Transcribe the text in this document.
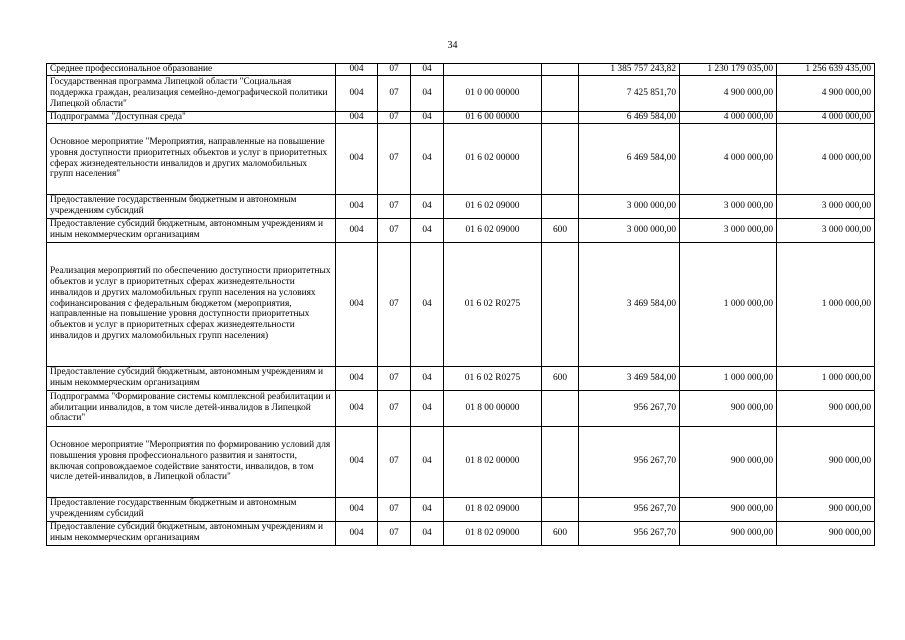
34
Среднее профессиональное образование	004	07	04			1 385 757 243,82	1 230 179 035,00	1 256 639 435,00
Государственная программа Липецкой области "Социальная поддержка граждан, реализация семейно-демографической политики Липецкой области"	004	07	04	01 0 00 00000		7 425 851,70	4 900 000,00	4 900 000,00
Подпрограмма "Доступная среда"	004	07	04	01 6 00 00000		6 469 584,00	4 000 000,00	4 000 000,00
Основное мероприятие "Мероприятия, направленные на повышение уровня доступности приоритетных объектов и услуг в приоритетных сферах жизнедеятельности инвалидов и других маломобильных групп населения"	004	07	04	01 6 02 00000		6 469 584,00	4 000 000,00	4 000 000,00
Предоставление государственным бюджетным и автономным учреждениям субсидий	004	07	04	01 6 02 09000		3 000 000,00	3 000 000,00	3 000 000,00
Предоставление субсидий бюджетным, автономным учреждениям и иным некоммерческим организациям	004	07	04	01 6 02 09000	600	3 000 000,00	3 000 000,00	3 000 000,00
Реализация мероприятий по обеспечению доступности приоритетных объектов и услуг в приоритетных сферах жизнедеятельности инвалидов и других маломобильных групп населения на условиях софинансирования с федеральным бюджетом (мероприятия, направленные на повышение уровня доступности приоритетных объектов и услуг в приоритетных сферах жизнедеятельности инвалидов и других маломобильных групп населения)	004	07	04	01 6 02 R0275		3 469 584,00	1 000 000,00	1 000 000,00
Предоставление субсидий бюджетным, автономным учреждениям и иным некоммерческим организациям	004	07	04	01 6 02 R0275	600	3 469 584,00	1 000 000,00	1 000 000,00
Подпрограмма "Формирование системы комплексной реабилитации и абилитации инвалидов, в том числе детей-инвалидов в Липецкой области"	004	07	04	01 8 00 00000		956 267,70	900 000,00	900 000,00
Основное мероприятие "Мероприятия по формированию условий для повышения уровня профессионального развития и занятости, включая сопровождаемое содействие занятости, инвалидов, в том числе детей-инвалидов, в Липецкой области"	004	07	04	01 8 02 00000		956 267,70	900 000,00	900 000,00
Предоставление государственным бюджетным и автономным учреждениям субсидий	004	07	04	01 8 02 09000		956 267,70	900 000,00	900 000,00
Предоставление субсидий бюджетным, автономным учреждениям и иным некоммерческим организациям	004	07	04	01 8 02 09000	600	956 267,70	900 000,00	900 000,00
